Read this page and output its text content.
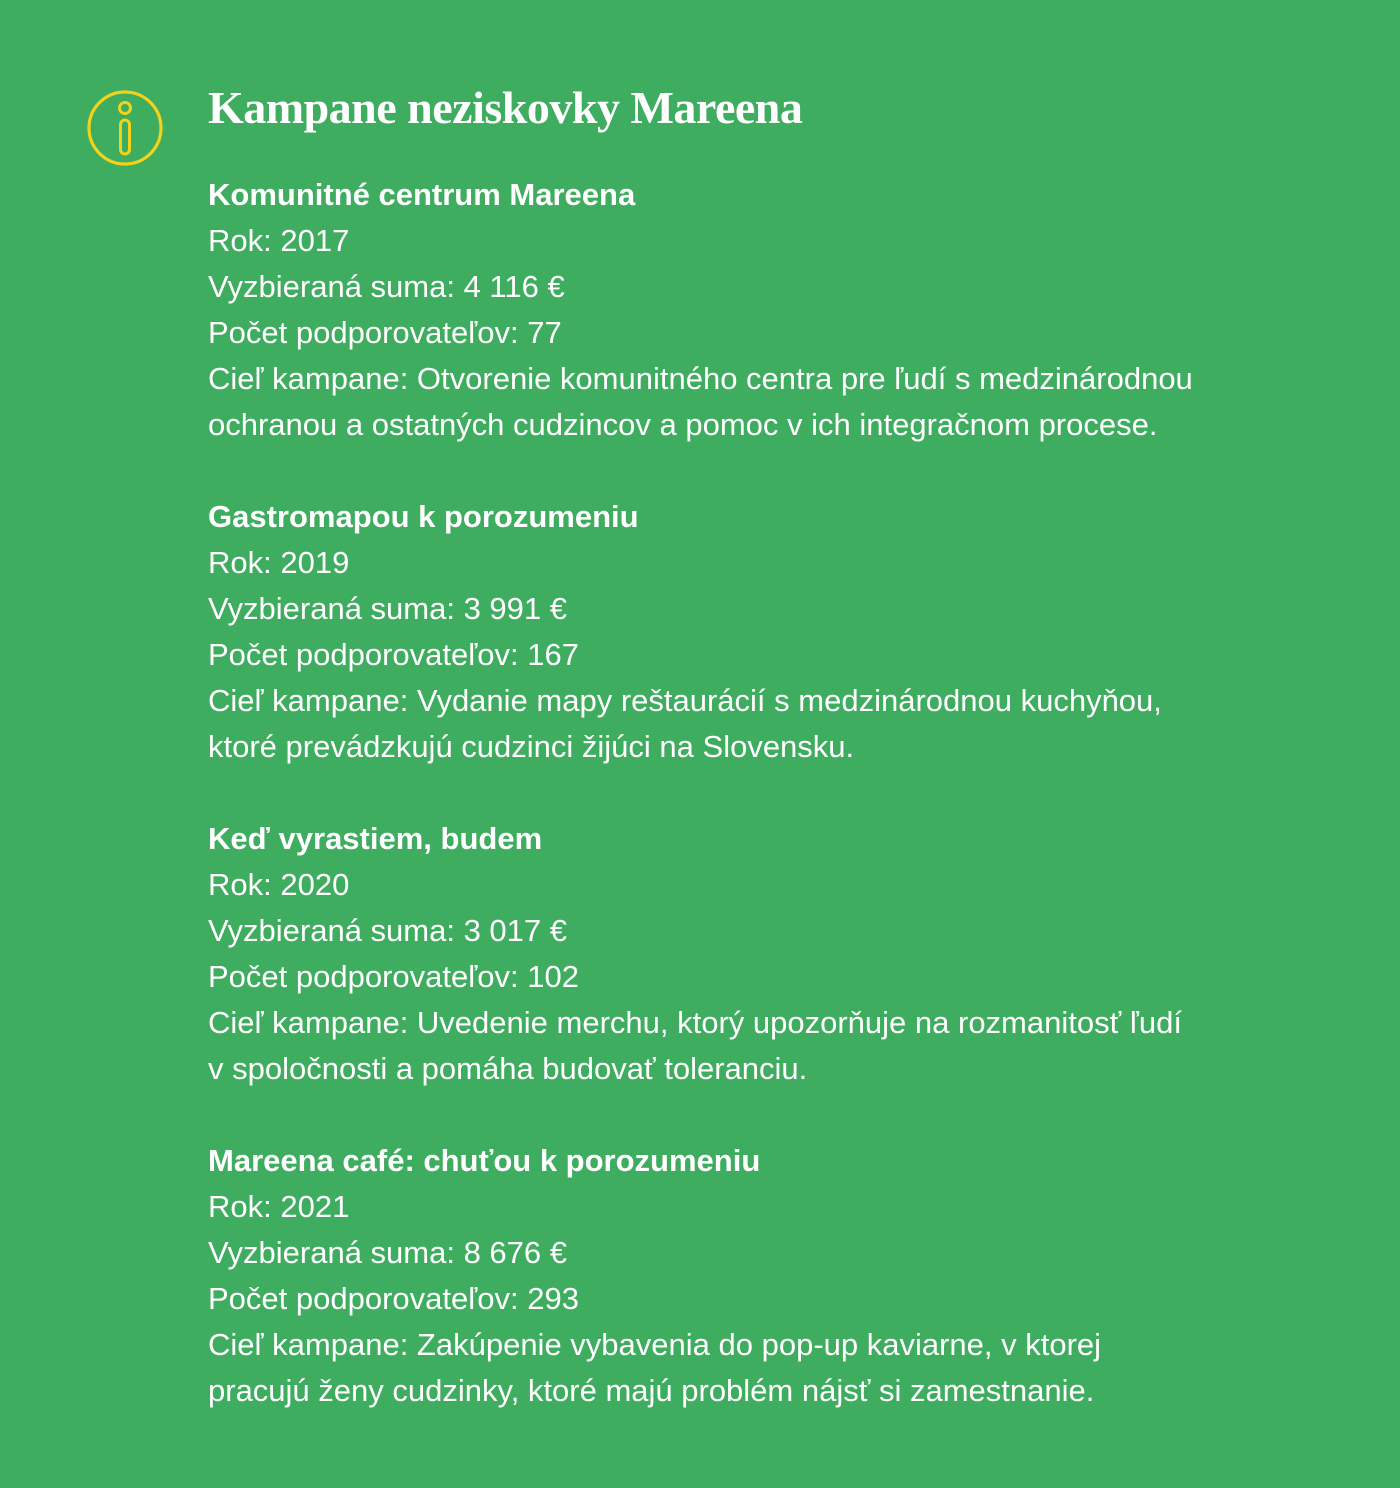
Kampane neziskovky Mareena
Komunitné centrum Mareena
Rok: 2017
Vyzbieraná suma: 4 116 €
Počet podporovateľov: 77
Cieľ kampane: Otvorenie komunitného centra pre ľudí s medzinárodnou
ochranou a ostatných cudzincov a pomoc v ich integračnom procese.
Gastromapou k porozumeniu
Rok: 2019
Vyzbieraná suma: 3 991 €
Počet podporovateľov: 167
Cieľ kampane: Vydanie mapy reštaurácií s medzinárodnou kuchyňou,
ktoré prevádzkujú cudzinci žijúci na Slovensku.
Keď vyrastiem, budem
Rok: 2020
Vyzbieraná suma: 3 017 €
Počet podporovateľov: 102
Cieľ kampane: Uvedenie merchu, ktorý upozorňuje na rozmanitosť ľudí
v spoločnosti a pomáha budovať toleranciu.
Mareena café: chuťou k porozumeniu
Rok: 2021
Vyzbieraná suma: 8 676 €
Počet podporovateľov: 293
Cieľ kampane: Zakúpenie vybavenia do pop-up kaviarne, v ktorej
pracujú ženy cudzinky, ktoré majú problém nájsť si zamestnanie.
